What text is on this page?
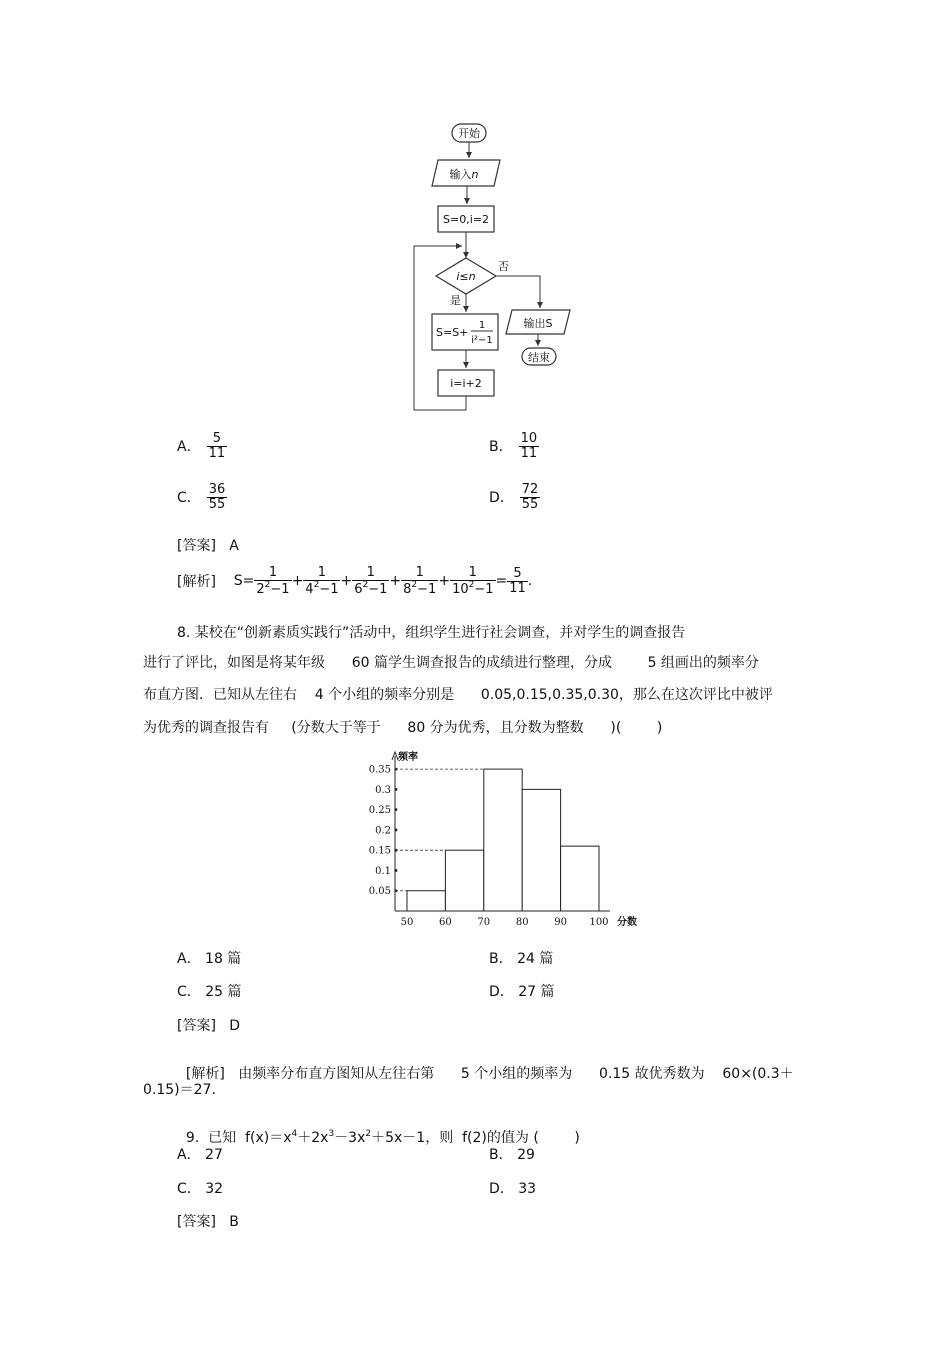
开始
输入n
S=0,i=2
i≤n
否
是
输出S
结束
S=S+
1
i²−1
i=i+2
A． $\frac{5}{11}$	B． $\frac{10}{11}$
C． $\frac{36}{55}$	D． $\frac{72}{55}$
[答案] A
[解析] $S= \frac{1}{2^2-1} + \frac{1}{4^2-1} + \frac{1}{6^2-1} + \frac{1}{8^2-1} + \frac{1}{10^2-1} = \frac{5}{11}$ .
8. 某校在“创新素质实践行”活动中，组织学生进行社会调查，并对学生的调查报告
进行了评比，如图是将某年级      60 篇学生调查报告的成绩进行整理，分成        5 组画出的频率分
布直方图．已知从左往右    4 个小组的频率分别是      0.05,0.15,0.35,0.30，那么在这次评比中被评
为优秀的调查报告有     (分数大于等于      80 分为优秀，且分数为整数      )(        )
0.05
0.1
0.15
0.2
0.25
0.3
0.35
频率
50	60	70	80	90 100 分数
A． 18 篇	B． 24 篇
C． 25 篇	D． 27 篇
[答案] D

[解析] 由频率分布直方图知从左往右第      5 个小组的频率为      0.15 故优秀数为    60×(0.3＋

0.15)＝27.

9.  已知  $f(x)=x^4+2x^3-3x^2+5x-1$，则  f(2)的值为 (        )

A． 27	B． 29
C． 32	D． 33
[答案] B
